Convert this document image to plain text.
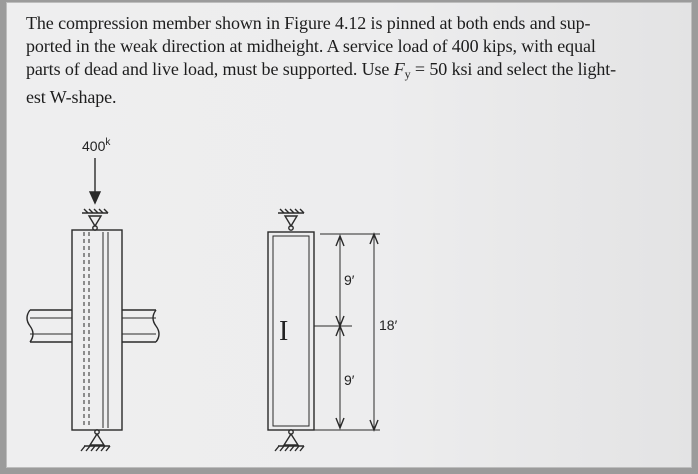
The compression member shown in Figure 4.12 is pinned at both ends and sup-
ported in the weak direction at midheight. A service load of 400 kips, with equal
parts of dead and live load, must be supported. Use $F_y = 50$ ksi and select the light-
est W-shape.

400$^k$
I
9′
9′
18′
